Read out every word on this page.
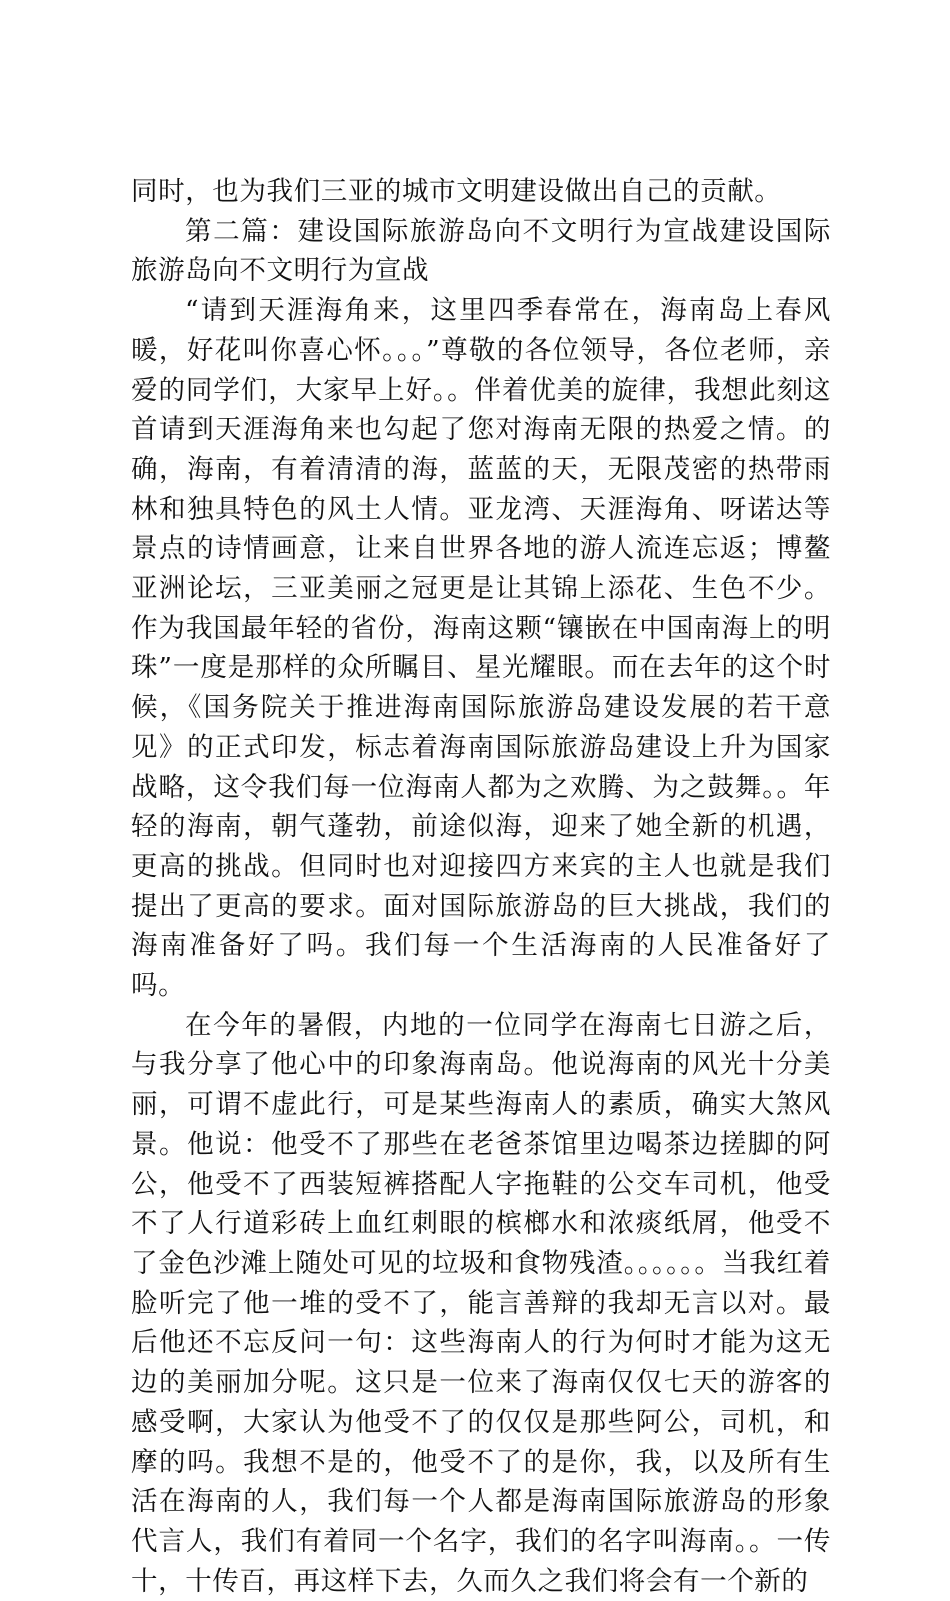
同时，也为我们三亚的城市文明建设做出自己的贡献。

第二篇：建设国际旅游岛向不文明行为宣战建设国际旅游岛向不文明行为宣战

“请到天涯海角来，这里四季春常在，海南岛上春风暖，好花叫你喜心怀。。。”尊敬的各位领导，各位老师，亲爱的同学们，大家早上好。。伴着优美的旋律，我想此刻这首请到天涯海角来也勾起了您对海南无限的热爱之情。的确，海南，有着清清的海，蓝蓝的天，无限茂密的热带雨林和独具特色的风土人情。亚龙湾、天涯海角、呀诺达等景点的诗情画意，让来自世界各地的游人流连忘返；博鳌亚洲论坛，三亚美丽之冠更是让其锦上添花、生色不少。作为我国最年轻的省份，海南这颗“镶嵌在中国南海上的明珠”一度是那样的众所瞩目、星光耀眼。而在去年的这个时候，《国务院关于推进海南国际旅游岛建设发展的若干意见》的正式印发，标志着海南国际旅游岛建设上升为国家战略，这令我们每一位海南人都为之欢腾、为之鼓舞。。年轻的海南，朝气蓬勃，前途似海，迎来了她全新的机遇，更高的挑战。但同时也对迎接四方来宾的主人也就是我们提出了更高的要求。面对国际旅游岛的巨大挑战，我们的海南准备好了吗。我们每一个生活海南的人民准备好了吗。

在今年的暑假，内地的一位同学在海南七日游之后，与我分享了他心中的印象海南岛。他说海南的风光十分美丽，可谓不虚此行，可是某些海南人的素质，确实大煞风景。他说：他受不了那些在老爸茶馆里边喝茶边搓脚的阿公，他受不了西装短裤搭配人字拖鞋的公交车司机，他受不了人行道彩砖上血红刺眼的槟榔水和浓痰纸屑，他受不了金色沙滩上随处可见的垃圾和食物残渣。。。。。。当我红着脸听完了他一堆的受不了，能言善辩的我却无言以对。最后他还不忘反问一句：这些海南人的行为何时才能为这无边的美丽加分呢。这只是一位来了海南仅仅七天的游客的感受啊，大家认为他受不了的仅仅是那些阿公，司机，和摩的吗。我想不是的，他受不了的是你，我，以及所有生活在海南的人，我们每一个人都是海南国际旅游岛的形象代言人，我们有着同一个名字，我们的名字叫海南。。一传十，十传百，再这样下去，久而久之我们将会有一个新的
